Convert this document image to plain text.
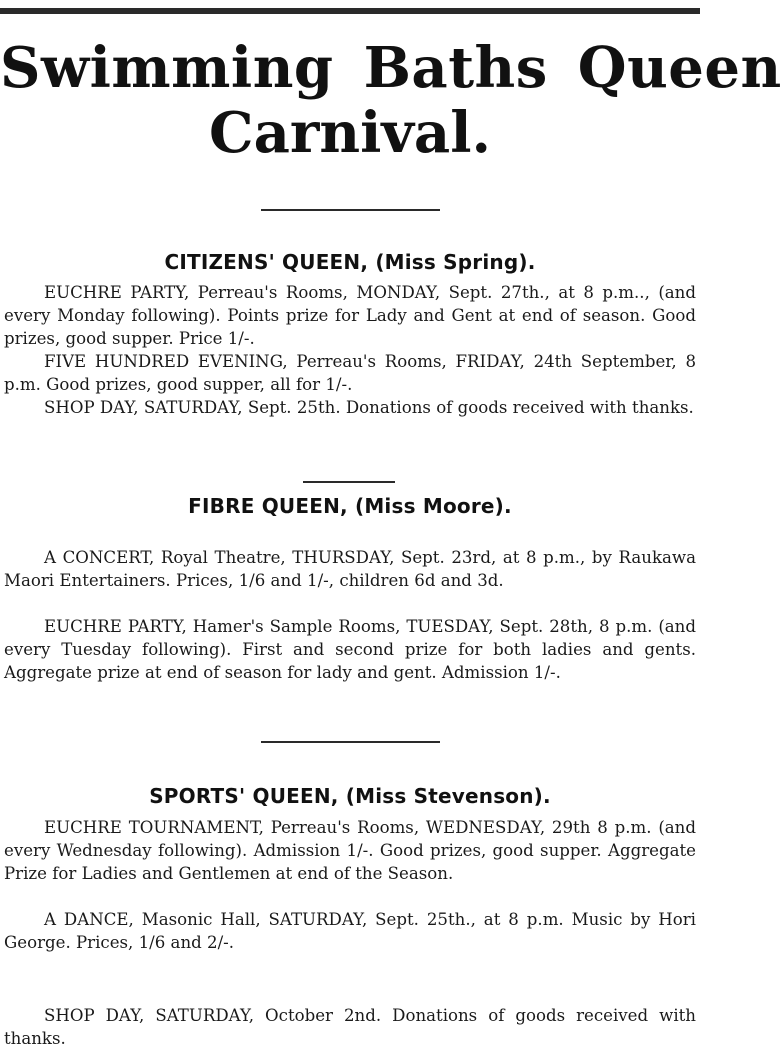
Swimming Baths Queen
Carnival.
CITIZENS' QUEEN, (Miss Spring).

EUCHRE PARTY, Perreau's Rooms, MONDAY, Sept. 27th., at 8 p.m.., (and every Monday following). Points prize for Lady and Gent at end of season. Good prizes, good supper. Price 1/-.

FIVE HUNDRED EVENING, Perreau's Rooms, FRIDAY, 24th September, 8 p.m. Good prizes, good supper, all for 1/-.

SHOP DAY, SATURDAY, Sept. 25th. Donations of goods received with thanks.

FIBRE QUEEN, (Miss Moore).

A CONCERT, Royal Theatre, THURSDAY, Sept. 23rd, at 8 p.m., by Raukawa Maori Entertainers. Prices, 1/6 and 1/-, children 6d and 3d.

EUCHRE PARTY, Hamer's Sample Rooms, TUESDAY, Sept. 28th, 8 p.m. (and every Tuesday following). First and second prize for both ladies and gents. Aggregate prize at end of season for lady and gent. Admission 1/-.

SPORTS' QUEEN, (Miss Stevenson).

EUCHRE TOURNAMENT, Perreau's Rooms, WEDNESDAY, 29th 8 p.m. (and every Wednesday following). Admission 1/-. Good prizes, good supper. Aggregate Prize for Ladies and Gentlemen at end of the Season.

A DANCE, Masonic Hall, SATURDAY, Sept. 25th., at 8 p.m. Music by Hori George. Prices, 1/6 and 2/-.

SHOP DAY, SATURDAY, October 2nd. Donations of goods received with thanks.
